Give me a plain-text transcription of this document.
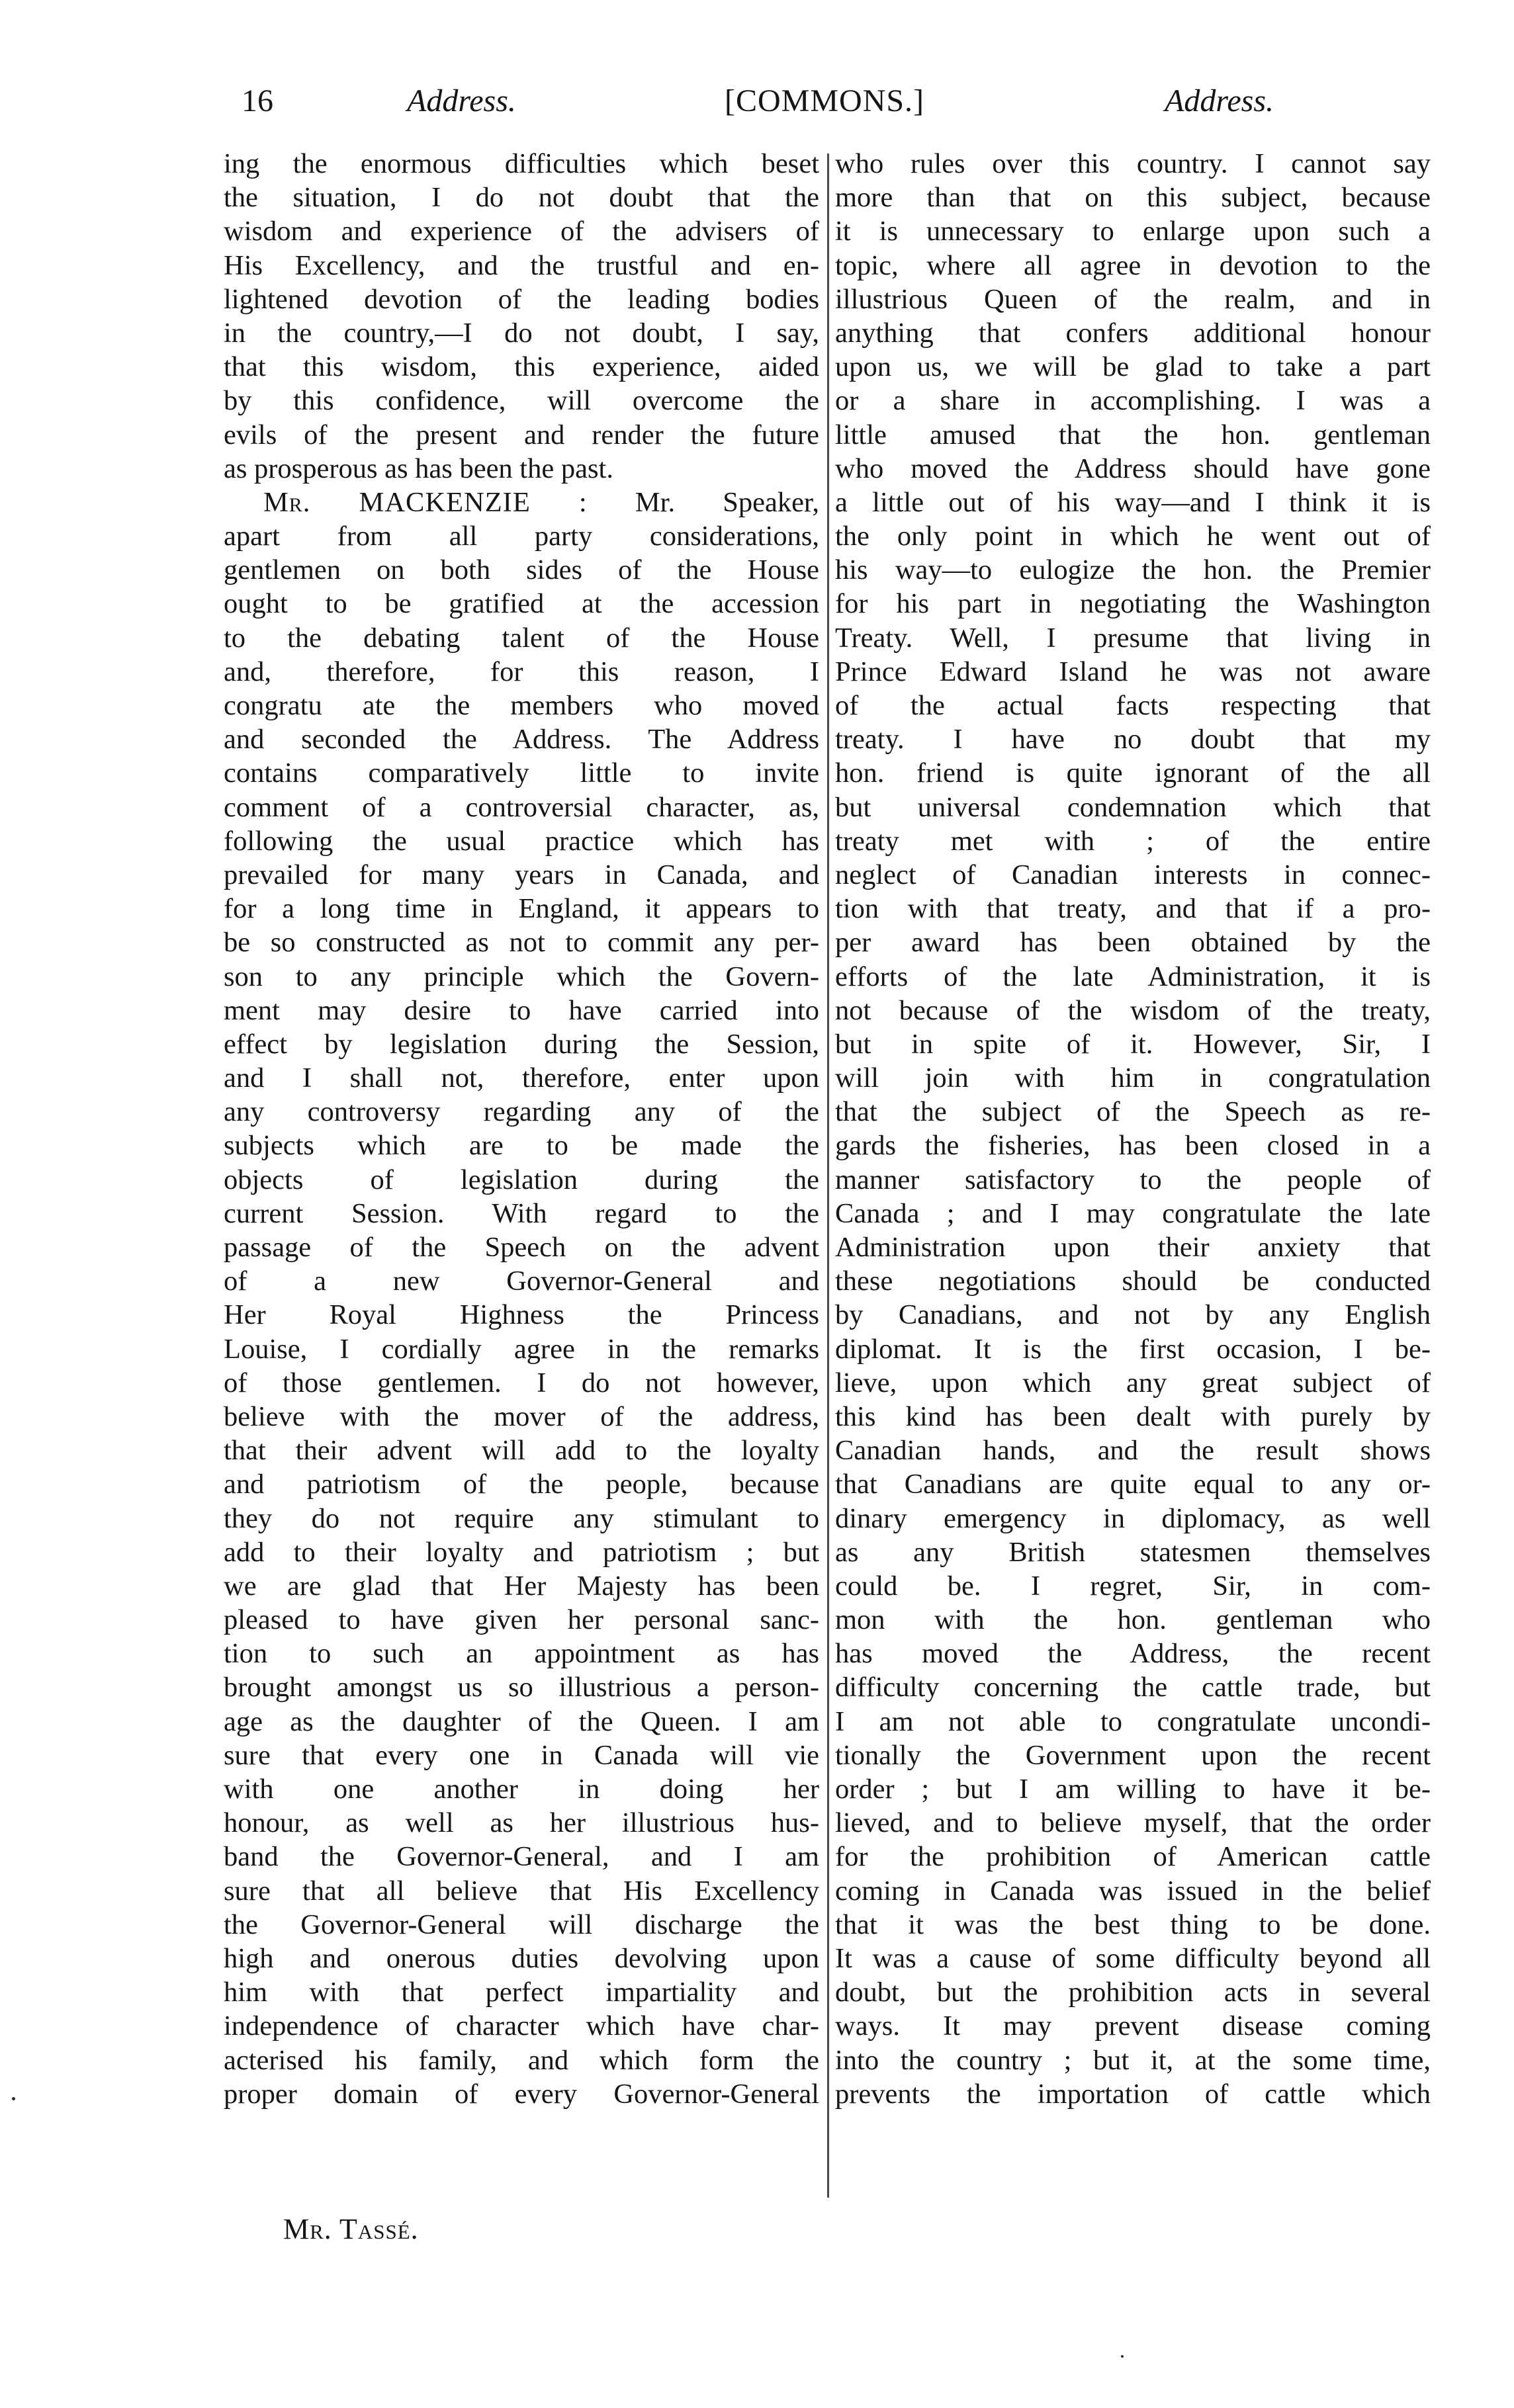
16	Address.	[COMMONS.]	Address.
ing the enormous difficulties which beset
the situation, I do not doubt that the
wisdom and experience of the advisers of
His Excellency, and the trustful and en-
lightened devotion of the leading bodies
in the country,—I do not doubt, I say,
that this wisdom, this experience, aided
by this confidence, will overcome the
evils of the present and render the future
as prosperous as has been the past.
Mr. MACKENZIE : Mr. Speaker,
apart from all party considerations,
gentlemen on both sides of the House
ought to be gratified at the accession
to the debating talent of the House
and, therefore, for this reason, I
congratu ate the members who moved
and seconded the Address. The Address
contains comparatively little to invite
comment of a controversial character, as,
following the usual practice which has
prevailed for many years in Canada, and
for a long time in England, it appears to
be so constructed as not to commit any per-
son to any principle which the Govern-
ment may desire to have carried into
effect by legislation during the Session,
and I shall not, therefore, enter upon
any controversy regarding any of the
subjects which are to be made the
objects of legislation during the
current Session. With regard to the
passage of the Speech on the advent
of a new Governor-General and
Her Royal Highness the Princess
Louise, I cordially agree in the remarks
of those gentlemen. I do not however,
believe with the mover of the address,
that their advent will add to the loyalty
and patriotism of the people, because
they do not require any stimulant to
add to their loyalty and patriotism ; but
we are glad that Her Majesty has been
pleased to have given her personal sanc-
tion to such an appointment as has
brought amongst us so illustrious a person-
age as the daughter of the Queen. I am
sure that every one in Canada will vie
with one another in doing her
honour, as well as her illustrious hus-
band the Governor-General, and I am
sure that all believe that His Excellency
the Governor-General will discharge the
high and onerous duties devolving upon
him with that perfect impartiality and
independence of character which have char-
acterised his family, and which form the
proper domain of every Governor-General
who rules over this country. I cannot say
more than that on this subject, because
it is unnecessary to enlarge upon such a
topic, where all agree in devotion to the
illustrious Queen of the realm, and in
anything that confers additional honour
upon us, we will be glad to take a part
or a share in accomplishing. I was a
little amused that the hon. gentleman
who moved the Address should have gone
a little out of his way—and I think it is
the only point in which he went out of
his way—to eulogize the hon. the Premier
for his part in negotiating the Washington
Treaty. Well, I presume that living in
Prince Edward Island he was not aware
of the actual facts respecting that
treaty. I have no doubt that my
hon. friend is quite ignorant of the all
but universal condemnation which that
treaty met with ; of the entire
neglect of Canadian interests in connec-
tion with that treaty, and that if a pro-
per award has been obtained by the
efforts of the late Administration, it is
not because of the wisdom of the treaty,
but in spite of it. However, Sir, I
will join with him in congratulation
that the subject of the Speech as re-
gards the fisheries, has been closed in a
manner satisfactory to the people of
Canada ; and I may congratulate the late
Administration upon their anxiety that
these negotiations should be conducted
by Canadians, and not by any English
diplomat. It is the first occasion, I be-
lieve, upon which any great subject of
this kind has been dealt with purely by
Canadian hands, and the result shows
that Canadians are quite equal to any or-
dinary emergency in diplomacy, as well
as any British statesmen themselves
could be. I regret, Sir, in com-
mon with the hon. gentleman who
has moved the Address, the recent
difficulty concerning the cattle trade, but
I am not able to congratulate uncondi-
tionally the Government upon the recent
order ; but I am willing to have it be-
lieved, and to believe myself, that the order
for the prohibition of American cattle
coming in Canada was issued in the belief
that it was the best thing to be done.
It was a cause of some difficulty beyond all
doubt, but the prohibition acts in several
ways. It may prevent disease coming
into the country ; but it, at the some time,
prevents the importation of cattle which
Mr. Tassé.
